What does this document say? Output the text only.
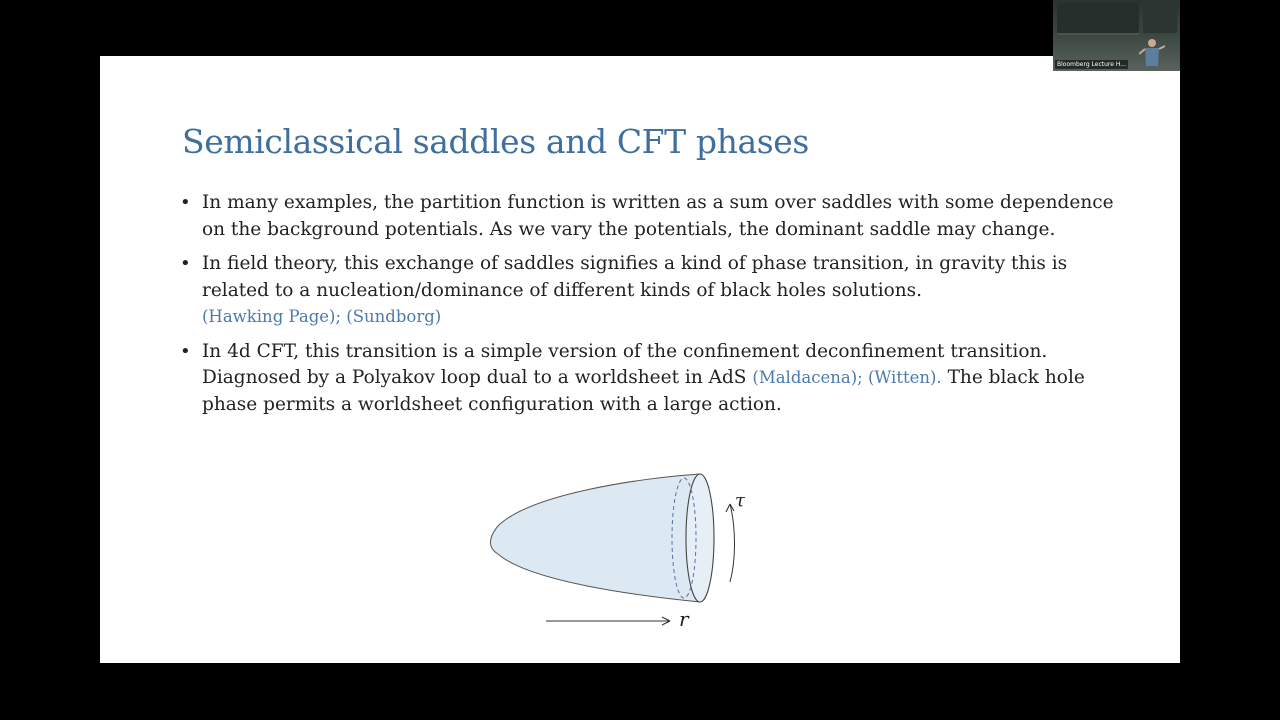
Semiclassical saddles and CFT phases
• In many examples, the partition function is written as a sum over saddles with some dependence on the background potentials. As we vary the potentials, the dominant saddle may change.
• In field theory, this exchange of saddles signifies a kind of phase transition, in gravity this is related to a nucleation/dominance of different kinds of black holes solutions.
(Hawking Page); (Sundborg)
• In 4d CFT, this transition is a simple version of the confinement deconfinement transition. Diagnosed by a Polyakov loop dual to a worldsheet in AdS (Maldacena); (Witten). The black hole phase permits a worldsheet configuration with a large action.
τ
r
Bloomberg Lecture H...
